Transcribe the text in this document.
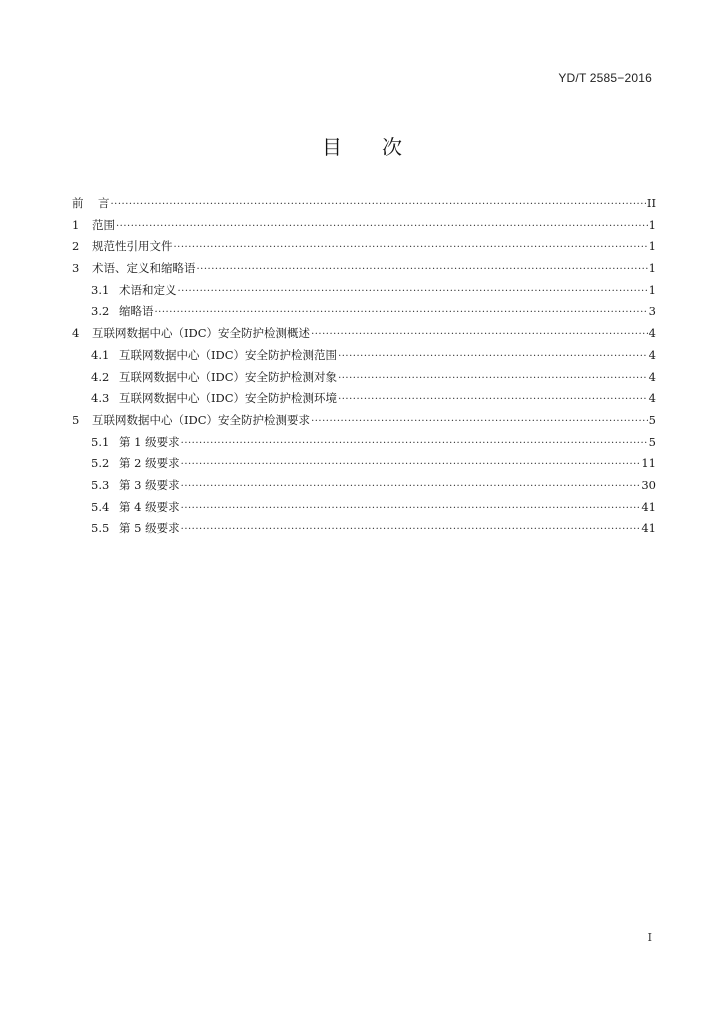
YD/T 2585−2016
目 次
前	言 ·····	II
1	范围 ·····	1
2	规范性引用文件 ·····	1
3	术语、定义和缩略语 ·····	1
3.1 术语和定义 ·····	1
3.2 缩略语 ·····	3
4	互联网数据中心（IDC）安全防护检测概述 ·····	4
4.1 互联网数据中心（IDC）安全防护检测范围 ·····	4
4.2 互联网数据中心（IDC）安全防护检测对象 ·····	4
4.3 互联网数据中心（IDC）安全防护检测环境 ·····	4
5	互联网数据中心（IDC）安全防护检测要求 ·····	5
5.1 第 1 级要求 ·····	5
5.2 第 2 级要求 ·····	11
5.3 第 3 级要求 ·····	30
5.4 第 4 级要求 ·····	41
5.5 第 5 级要求 ·····	41
I
